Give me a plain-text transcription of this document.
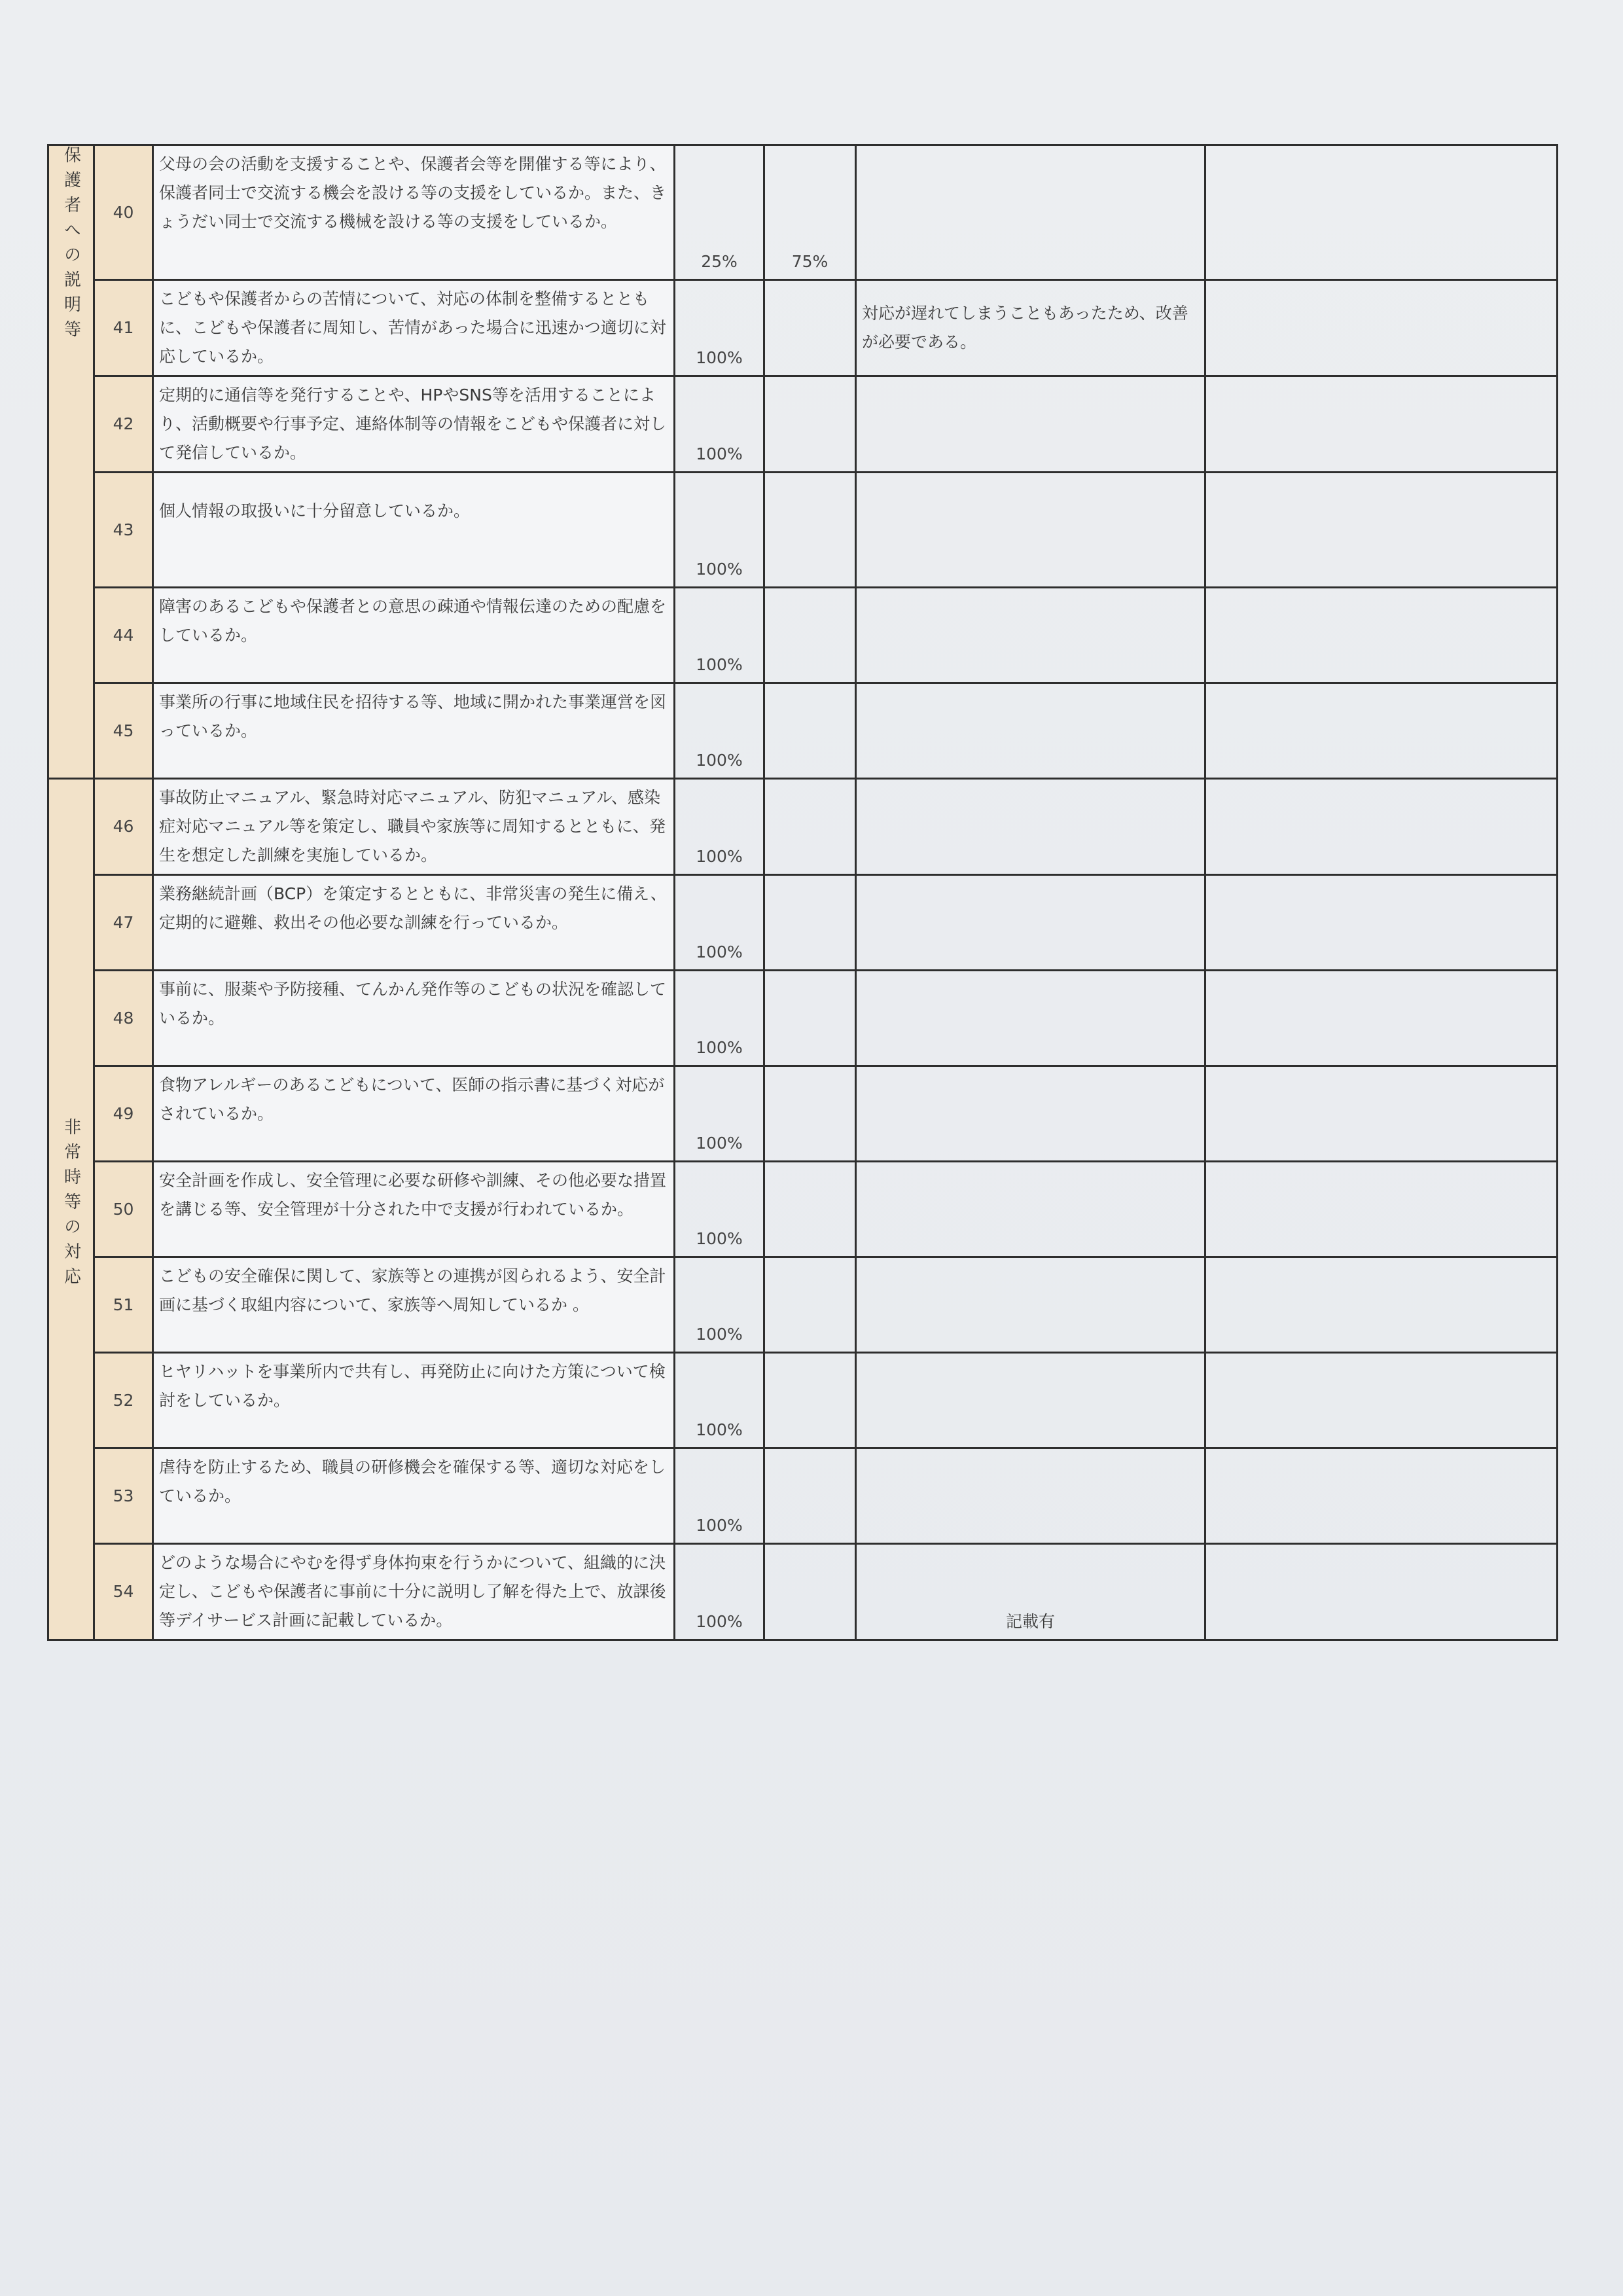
保護者への説明等	40	父母の会の活動を支援することや、保護者会等を開催する等により、保護者同士で交流する機会を設ける等の支援をしているか。また、きょうだい同士で交流する機械を設ける等の支援をしているか。	25%	75%		
	41	こどもや保護者からの苦情について、対応の体制を整備するとともに、こどもや保護者に周知し、苦情があった場合に迅速かつ適切に対応しているか。	100%		対応が遅れてしまうこともあったため、改善が必要である。	
	42	定期的に通信等を発行することや、HPやSNS等を活用することにより、活動概要や行事予定、連絡体制等の情報をこどもや保護者に対して発信しているか。	100%			
	43	個人情報の取扱いに十分留意しているか。	100%			
	44	障害のあるこどもや保護者との意思の疎通や情報伝達のための配慮をしているか。	100%			
	45	事業所の行事に地域住民を招待する等、地域に開かれた事業運営を図っているか。	100%			
非常時等の対応	46	事故防止マニュアル、緊急時対応マニュアル、防犯マニュアル、感染症対応マニュアル等を策定し、職員や家族等に周知するとともに、発生を想定した訓練を実施しているか。	100%			
	47	業務継続計画（BCP）を策定するとともに、非常災害の発生に備え、定期的に避難、救出その他必要な訓練を行っているか。	100%			
	48	事前に、服薬や予防接種、てんかん発作等のこどもの状況を確認しているか。	100%			
	49	食物アレルギーのあるこどもについて、医師の指示書に基づく対応がされているか。	100%			
	50	安全計画を作成し、安全管理に必要な研修や訓練、その他必要な措置を講じる等、安全管理が十分された中で支援が行われているか。	100%			
	51	こどもの安全確保に関して、家族等との連携が図られるよう、安全計画に基づく取組内容について、家族等へ周知しているか 。	100%			
	52	ヒヤリハットを事業所内で共有し、再発防止に向けた方策について検討をしているか。	100%			
	53	虐待を防止するため、職員の研修機会を確保する等、適切な対応をしているか。	100%			
	54	どのような場合にやむを得ず身体拘束を行うかについて、組織的に決定し、こどもや保護者に事前に十分に説明し了解を得た上で、放課後等デイサービス計画に記載しているか。	100%		記載有	
